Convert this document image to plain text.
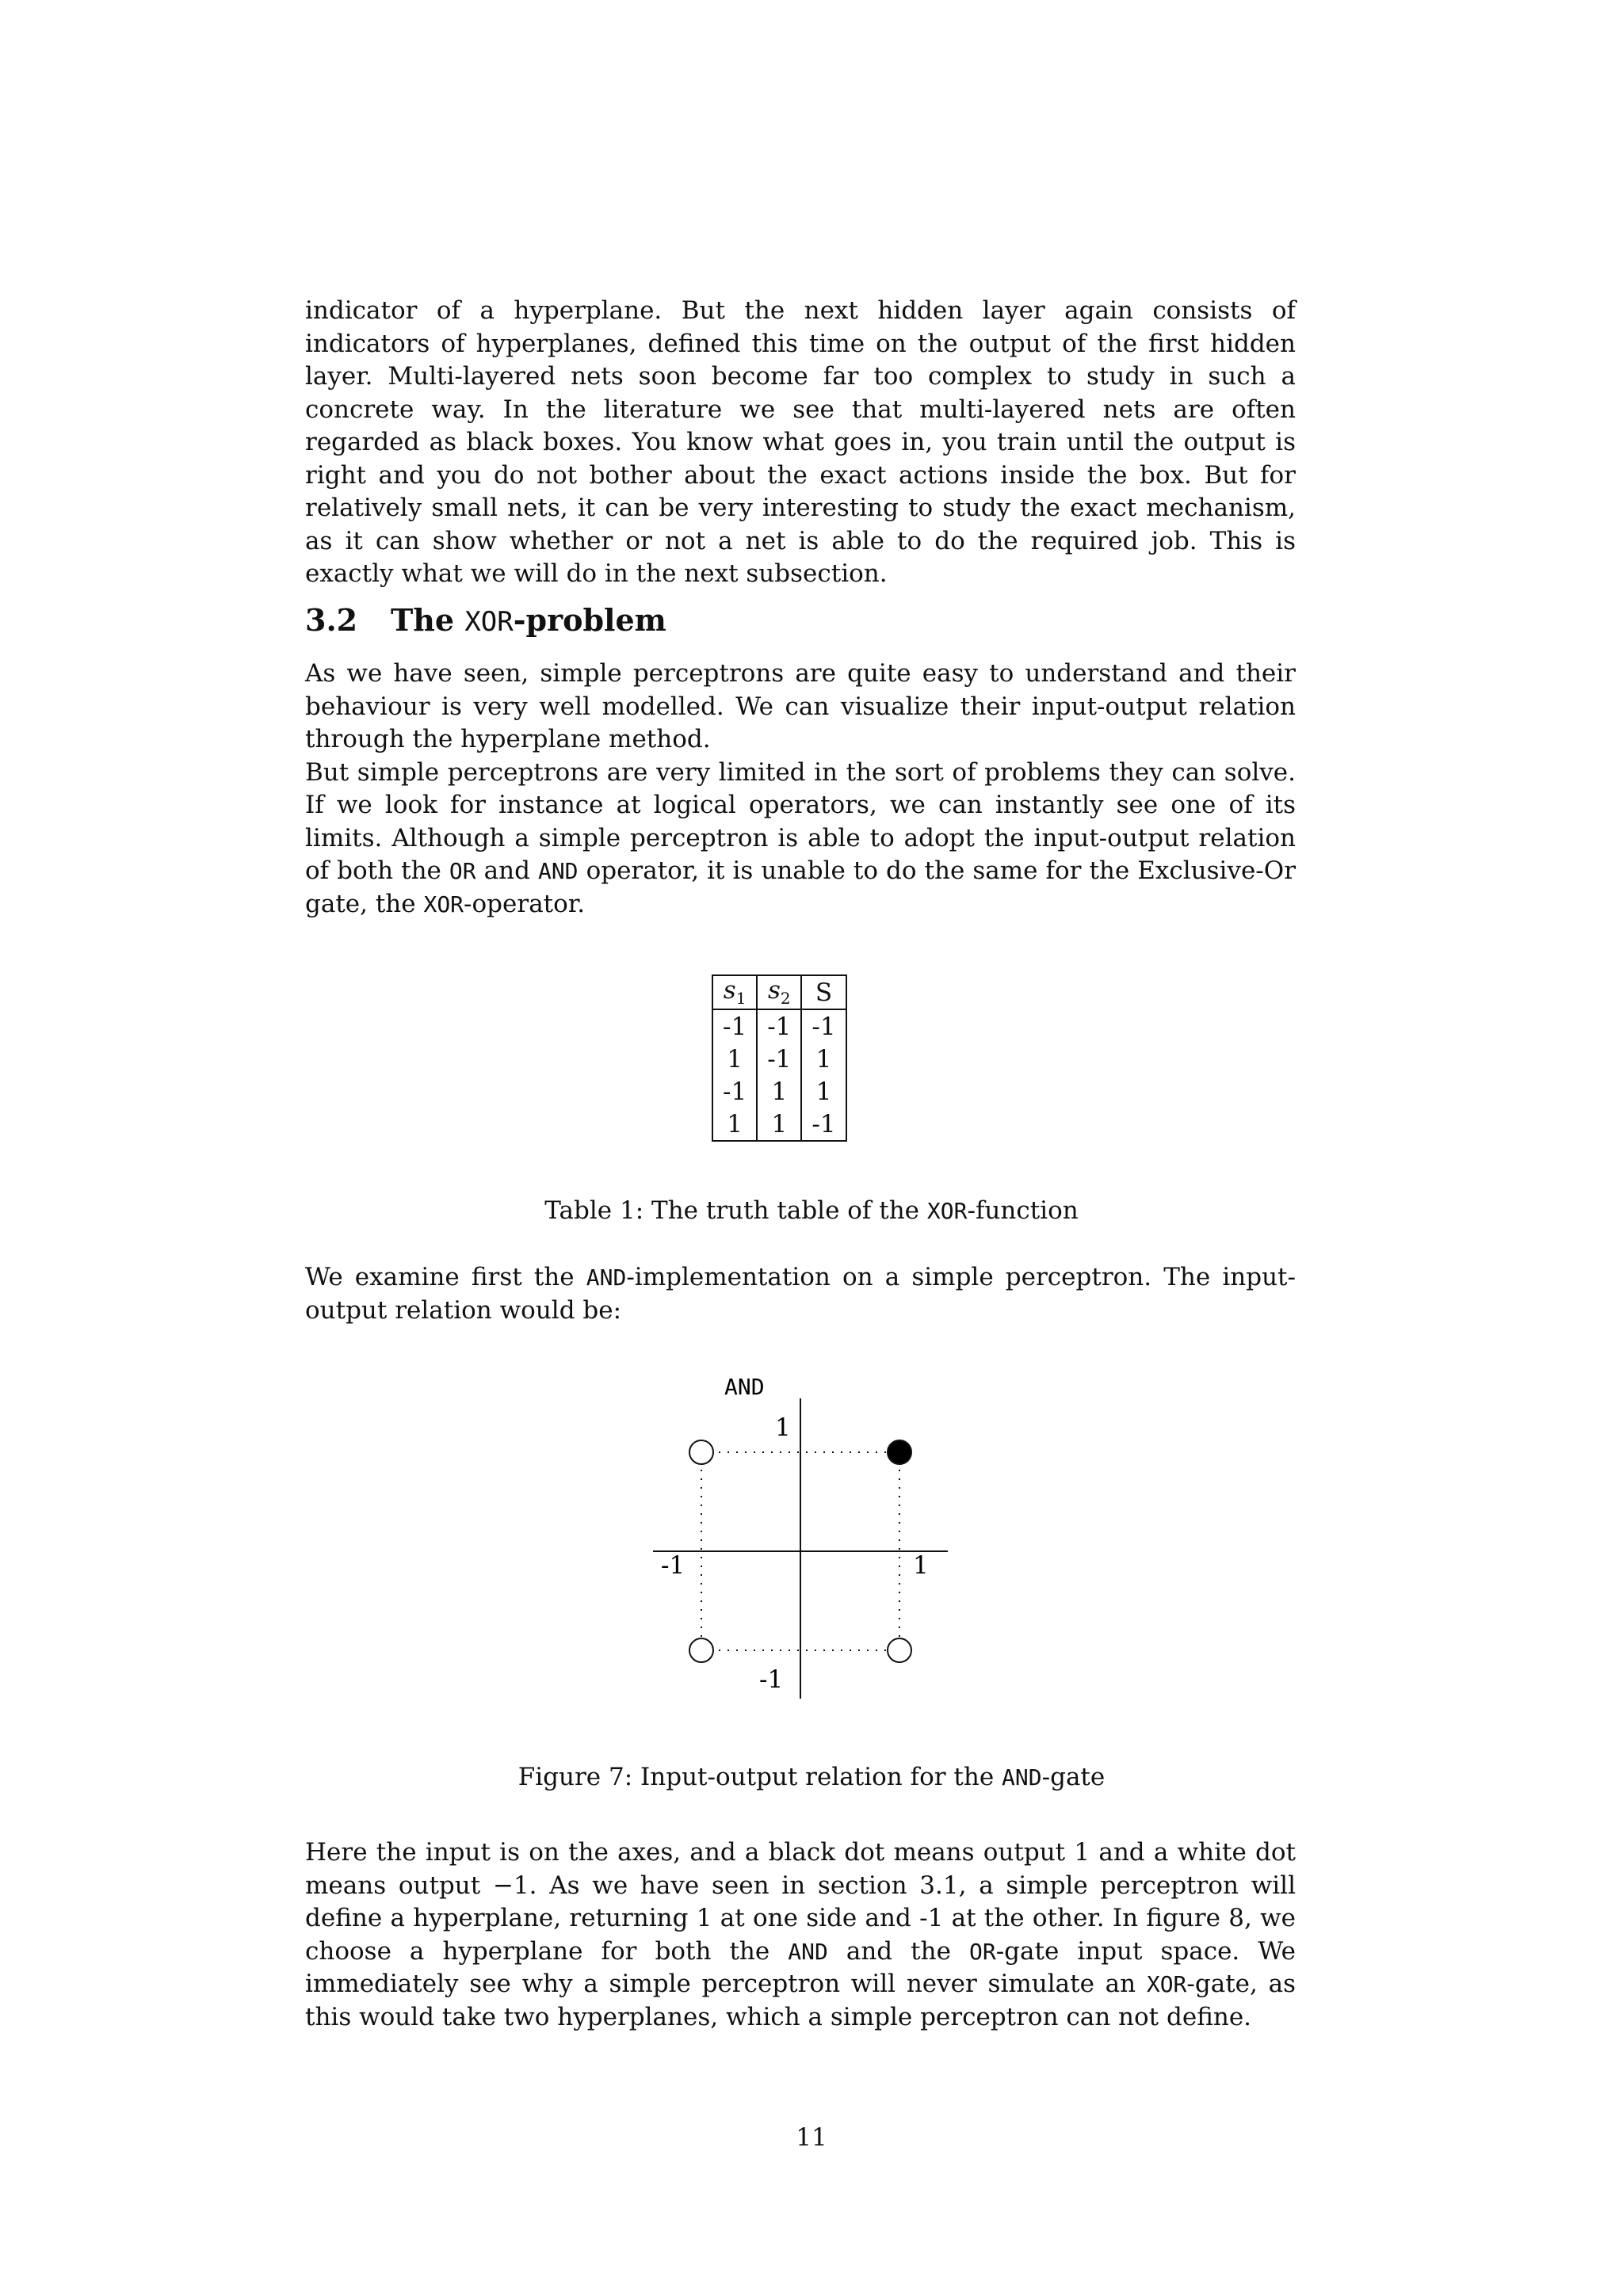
indicator of a hyperplane. But the next hidden layer again consists of indicators of hyperplanes, defined this time on the output of the first hidden layer. Multi-layered nets soon become far too complex to study in such a concrete way. In the literature we see that multi-layered nets are often regarded as black boxes. You know what goes in, you train until the output is right and you do not bother about the exact actions inside the box. But for relatively small nets, it can be very interesting to study the exact mechanism, as it can show whether or not a net is able to do the required job. This is exactly what we will do in the next subsection.

3.2 The XOR-problem
As we have seen, simple perceptrons are quite easy to understand and their behaviour is very well modelled. We can visualize their input-output relation through the hyperplane method.
But simple perceptrons are very limited in the sort of problems they can solve. If we look for instance at logical operators, we can instantly see one of its limits. Although a simple perceptron is able to adopt the input-output relation of both the OR and AND operator, it is unable to do the same for the Exclusive-Or gate, the XOR-operator.
$s_1$	$s_2$	S
-1	-1	-1
1	-1	1
-1	1	1
1	1	-1
Table 1: The truth table of the XOR-function
We examine first the AND-implementation on a simple perceptron. The input-output relation would be:
AND
1
-1	1
-1
Figure 7: Input-output relation for the AND-gate
Here the input is on the axes, and a black dot means output 1 and a white dot means output −1. As we have seen in section 3.1, a simple perceptron will define a hyperplane, returning 1 at one side and -1 at the other. In figure 8, we choose a hyperplane for both the AND and the OR-gate input space. We immediately see why a simple perceptron will never simulate an XOR-gate, as this would take two hyperplanes, which a simple perceptron can not define.
11
